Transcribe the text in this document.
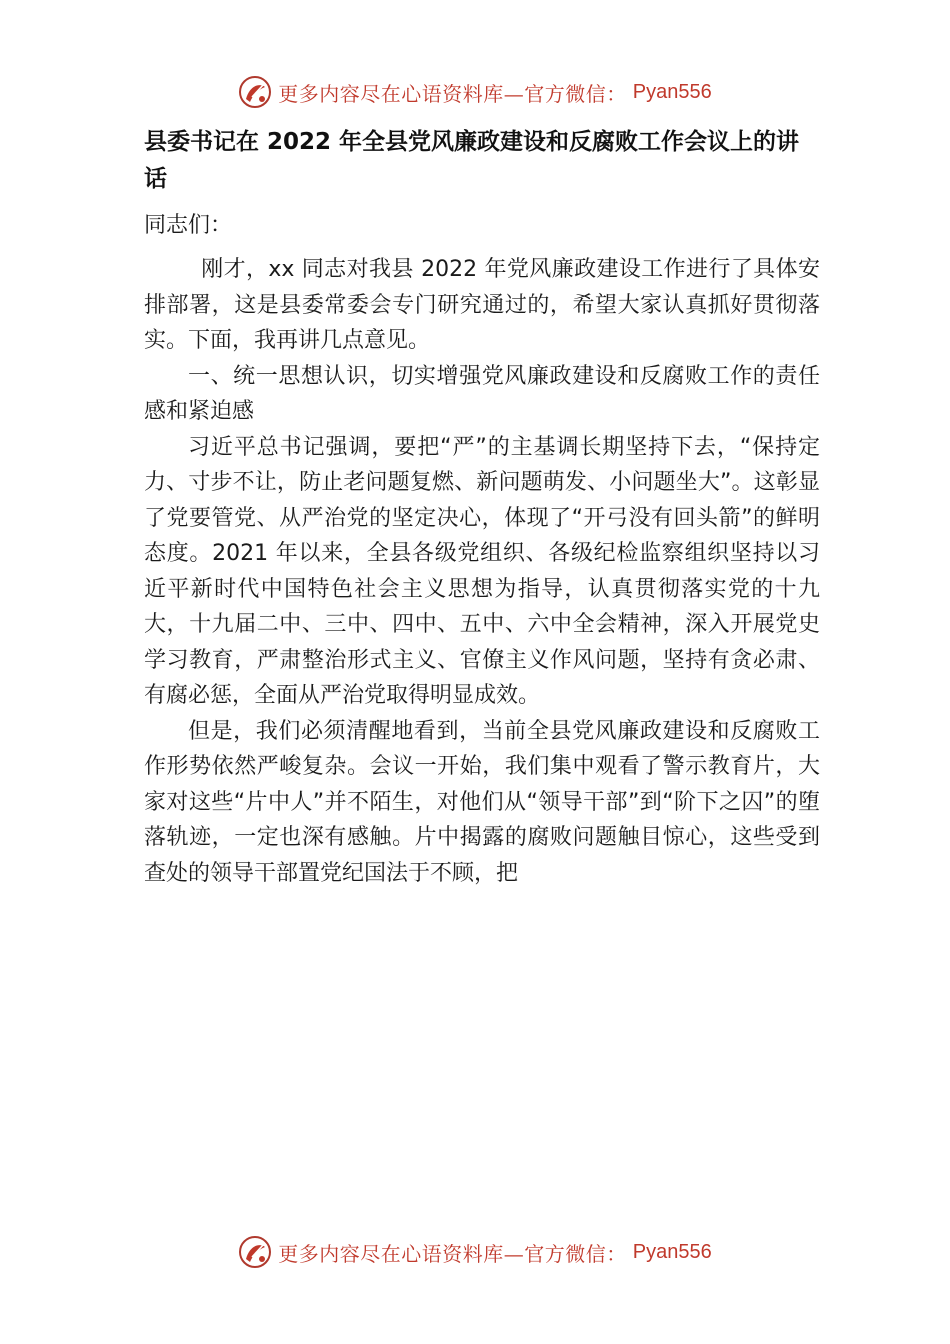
更多内容尽在心语资料库—官方微信： Pyan556
县委书记在 2022 年全县党风廉政建设和反腐败工作会议上的讲话

同志们：

刚才，xx 同志对我县 2022 年党风廉政建设工作进行了具体安排部署，这是县委常委会专门研究通过的，希望大家认真抓好贯彻落实。下面，我再讲几点意见。

一、统一思想认识，切实增强党风廉政建设和反腐败工作的责任感和紧迫感

习近平总书记强调，要把“严”的主基调长期坚持下去，“保持定力、寸步不让，防止老问题复燃、新问题萌发、小问题坐大”。这彰显了党要管党、从严治党的坚定决心，体现了“开弓没有回头箭”的鲜明态度。2021 年以来，全县各级党组织、各级纪检监察组织坚持以习近平新时代中国特色社会主义思想为指导，认真贯彻落实党的十九大，十九届二中、三中、四中、五中、六中全会精神，深入开展党史学习教育，严肃整治形式主义、官僚主义作风问题，坚持有贪必肃、有腐必惩，全面从严治党取得明显成效。

但是，我们必须清醒地看到，当前全县党风廉政建设和反腐败工作形势依然严峻复杂。会议一开始，我们集中观看了警示教育片，大家对这些“片中人”并不陌生，对他们从“领导干部”到“阶下之囚”的堕落轨迹，一定也深有感触。片中揭露的腐败问题触目惊心，这些受到查处的领导干部置党纪国法于不顾，把

更多内容尽在心语资料库—官方微信： Pyan556
